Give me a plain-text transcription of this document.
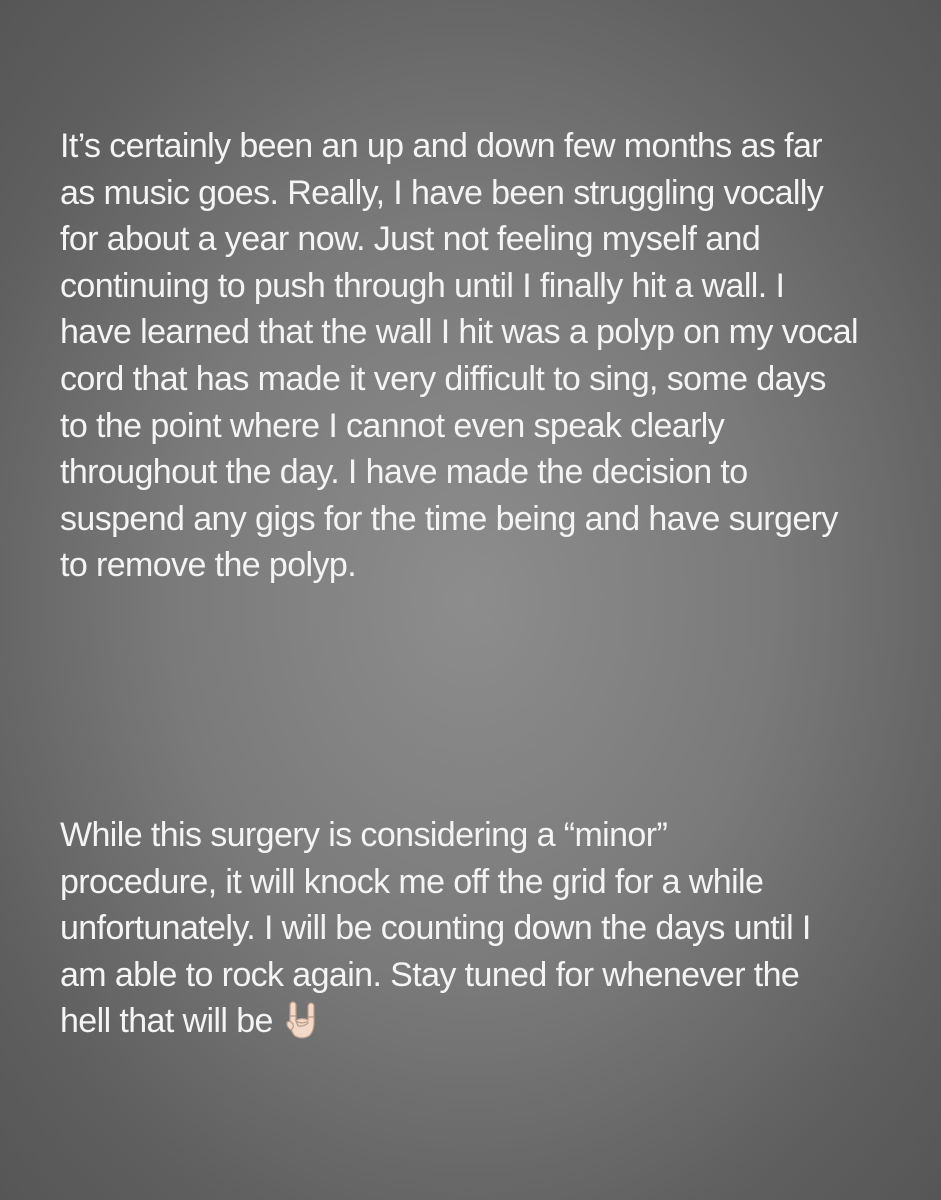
It’s certainly been an up and down few months as far
as music goes. Really, I have been struggling vocally
for about a year now. Just not feeling myself and
continuing to push through until I finally hit a wall. I
have learned that the wall I hit was a polyp on my vocal
cord that has made it very difficult to sing, some days
to the point where I cannot even speak clearly
throughout the day. I have made the decision to
suspend any gigs for the time being and have surgery
to remove the polyp.
While this surgery is considering a “minor”
procedure, it will knock me off the grid for a while
unfortunately. I will be counting down the days until I
am able to rock again. Stay tuned for whenever the
hell that will be
